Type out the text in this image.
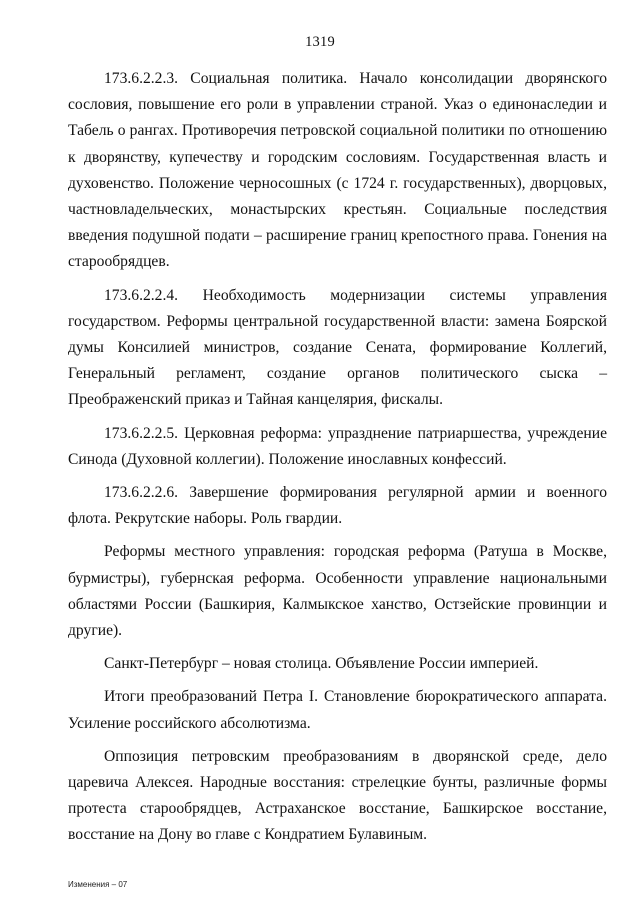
1319

173.6.2.2.3. Социальная политика. Начало консолидации дворянского сословия, повышение его роли в управлении страной. Указ о единонаследии и Табель о рангах. Противоречия петровской социальной политики по отношению к дворянству, купечеству и городским сословиям. Государственная власть и духовенство. Положение черносошных (с 1724 г. государственных), дворцовых, частновладельческих, монастырских крестьян. Социальные последствия введения подушной подати – расширение границ крепостного права. Гонения на старообрядцев.

173.6.2.2.4. Необходимость модернизации системы управления государством. Реформы центральной государственной власти: замена Боярской думы Консилией министров, создание Сената, формирование Коллегий, Генеральный регламент, создание органов политического сыска – Преображенский приказ и Тайная канцелярия, фискалы.

173.6.2.2.5. Церковная реформа: упразднение патриаршества, учреждение Синода (Духовной коллегии). Положение инославных конфессий.

173.6.2.2.6. Завершение формирования регулярной армии и военного флота. Рекрутские наборы. Роль гвардии.

Реформы местного управления: городская реформа (Ратуша в Москве, бурмистры), губернская реформа. Особенности управление национальными областями России (Башкирия, Калмыкское ханство, Остзейские провинции и другие).

Санкт-Петербург – новая столица. Объявление России империей.

Итоги преобразований Петра I. Становление бюрократического аппарата. Усиление российского абсолютизма.

Оппозиция петровским преобразованиям в дворянской среде, дело царевича Алексея. Народные восстания: стрелецкие бунты, различные формы протеста старообрядцев, Астраханское восстание, Башкирское восстание, восстание на Дону во главе с Кондратием Булавиным.

Изменения – 07
